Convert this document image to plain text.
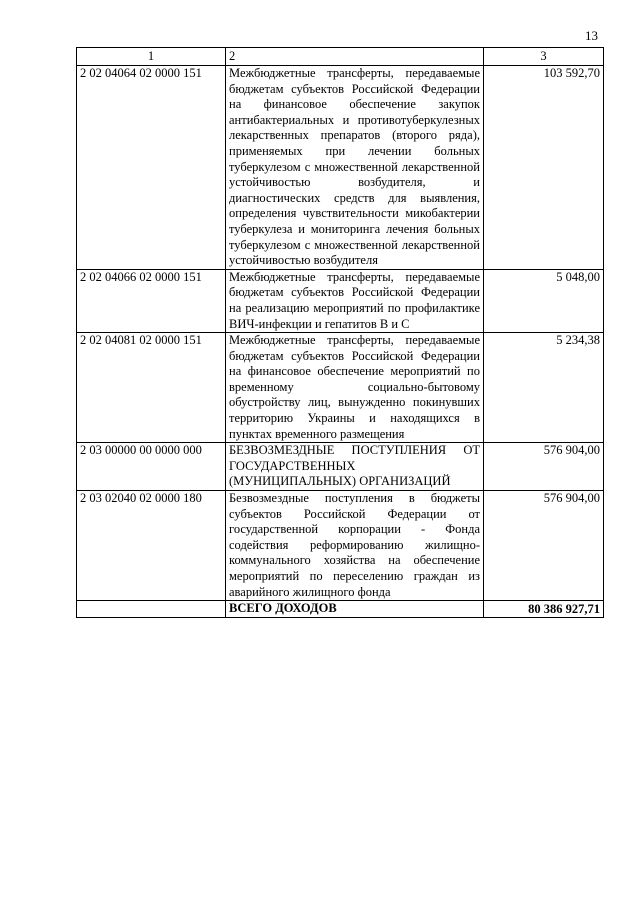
13
1	2	3
2 02 04064 02 0000 151	Межбюджетные трансферты, передаваемые бюджетам субъектов Российской Федерации на финансовое обеспечение закупок антибактериальных и противотуберкулезных лекарственных препаратов (второго ряда), применяемых при лечении больных туберкулезом с множественной лекарственной устойчивостью возбудителя, и диагностических средств для выявления, определения чувствительности микобактерии туберкулеза и мониторинга лечения больных туберкулезом с множественной лекарственной устойчивостью возбудителя	103 592,70
2 02 04066 02 0000 151	Межбюджетные трансферты, передаваемые бюджетам субъектов Российской Федерации на реализацию мероприятий по профилактике ВИЧ-инфекции и гепатитов В и С	5 048,00
2 02 04081 02 0000 151	Межбюджетные трансферты, передаваемые бюджетам субъектов Российской Федерации на финансовое обеспечение мероприятий по временному социально-бытовому обустройству лиц, вынужденно покинувших территорию Украины и находящихся в пунктах временного размещения	5 234,38
2 03 00000 00 0000 000	БЕЗВОЗМЕЗДНЫЕ ПОСТУПЛЕНИЯ ОТ ГОСУДАРСТВЕННЫХ (МУНИЦИПАЛЬНЫХ) ОРГАНИЗАЦИЙ	576 904,00
2 03 02040 02 0000 180	Безвозмездные поступления в бюджеты субъектов Российской Федерации от государственной корпорации - Фонда содействия реформированию жилищно-коммунального хозяйства на обеспечение мероприятий по переселению граждан из аварийного жилищного фонда	576 904,00
	ВСЕГО ДОХОДОВ	80 386 927,71
